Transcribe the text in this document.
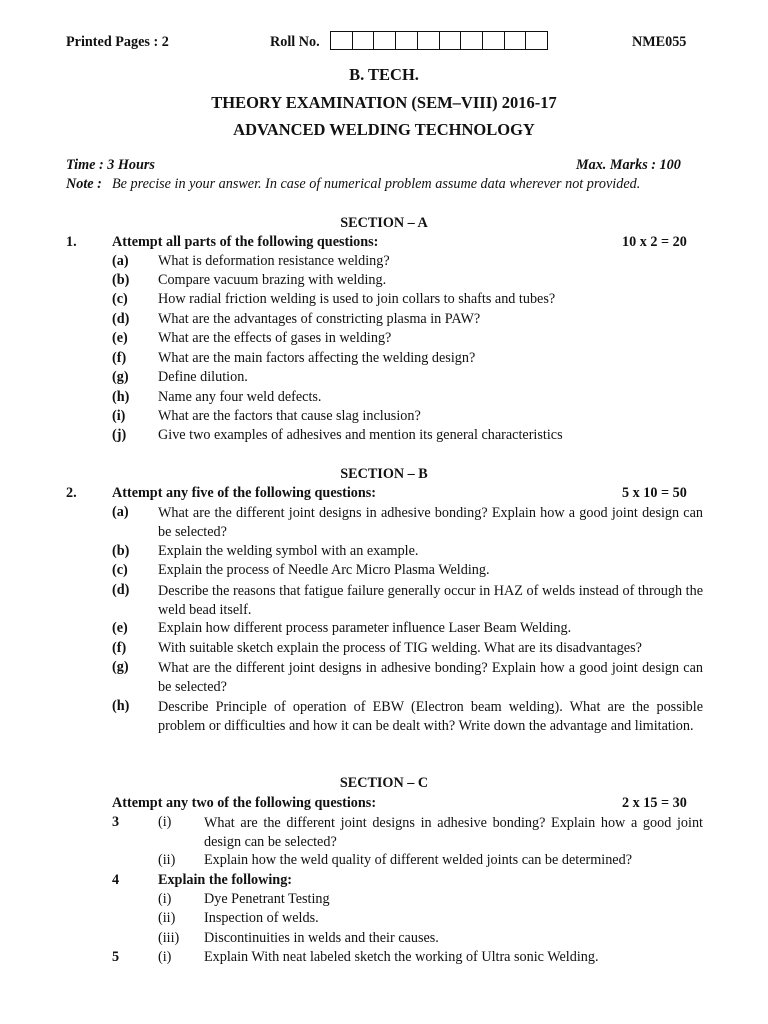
Printed Pages : 2	Roll No.	NME055
B. TECH.
THEORY EXAMINATION (SEM–VIII) 2016-17
ADVANCED WELDING TECHNOLOGY
Time : 3 Hours	Max. Marks : 100
Note : Be precise in your answer. In case of numerical problem assume data wherever not provided.
SECTION – A
1. Attempt all parts of the following questions:	10 x 2 = 20
(a) What is deformation resistance welding?
(b) Compare vacuum brazing with welding.
(c) How radial friction welding is used to join collars to shafts and tubes?
(d) What are the advantages of constricting plasma in PAW?
(e) What are the effects of gases in welding?
(f) What are the main factors affecting the welding design?
(g) Define dilution.
(h) Name any four weld defects.
(i) What are the factors that cause slag inclusion?
(j) Give two examples of adhesives and mention its general characteristics
SECTION – B
2. Attempt any five of the following questions:	5 x 10 = 50
(a) What are the different joint designs in adhesive bonding? Explain how a good joint design can be selected?
(b) Explain the welding symbol with an example.
(c) Explain the process of Needle Arc Micro Plasma Welding.
(d) Describe the reasons that fatigue failure generally occur in HAZ of welds instead of through the weld bead itself.
(e) Explain how different process parameter influence Laser Beam Welding.
(f) With suitable sketch explain the process of TIG welding. What are its disadvantages?
(g) What are the different joint designs in adhesive bonding? Explain how a good joint design can be selected?
(h) Describe Principle of operation of EBW (Electron beam welding). What are the possible problem or difficulties and how it can be dealt with? Write down the advantage and limitation.
SECTION – C
Attempt any two of the following questions:	2 x 15 = 30
3	(i) What are the different joint designs in adhesive bonding? Explain how a good joint design can be selected?
(ii) Explain how the weld quality of different welded joints can be determined?
4	Explain the following:
(i) Dye Penetrant Testing
(ii) Inspection of welds.
(iii) Discontinuities in welds and their causes.
5	(i) Explain With neat labeled sketch the working of Ultra sonic Welding.
